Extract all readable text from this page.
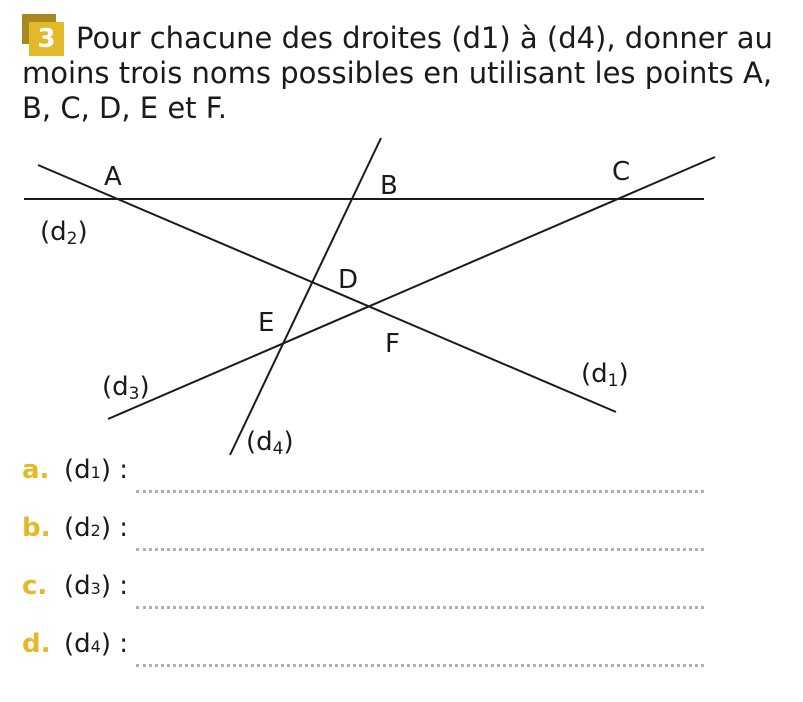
3 Pour chacune des droites (d1) à (d4), donner au moins trois noms possibles en utilisant les points A, B, C, D, E et F.
A	B	C
D
E
F
(d2)
(d1)
(d3)
(d4)
a. (d1) :
b. (d2) :
c. (d3) :
d. (d4) :
